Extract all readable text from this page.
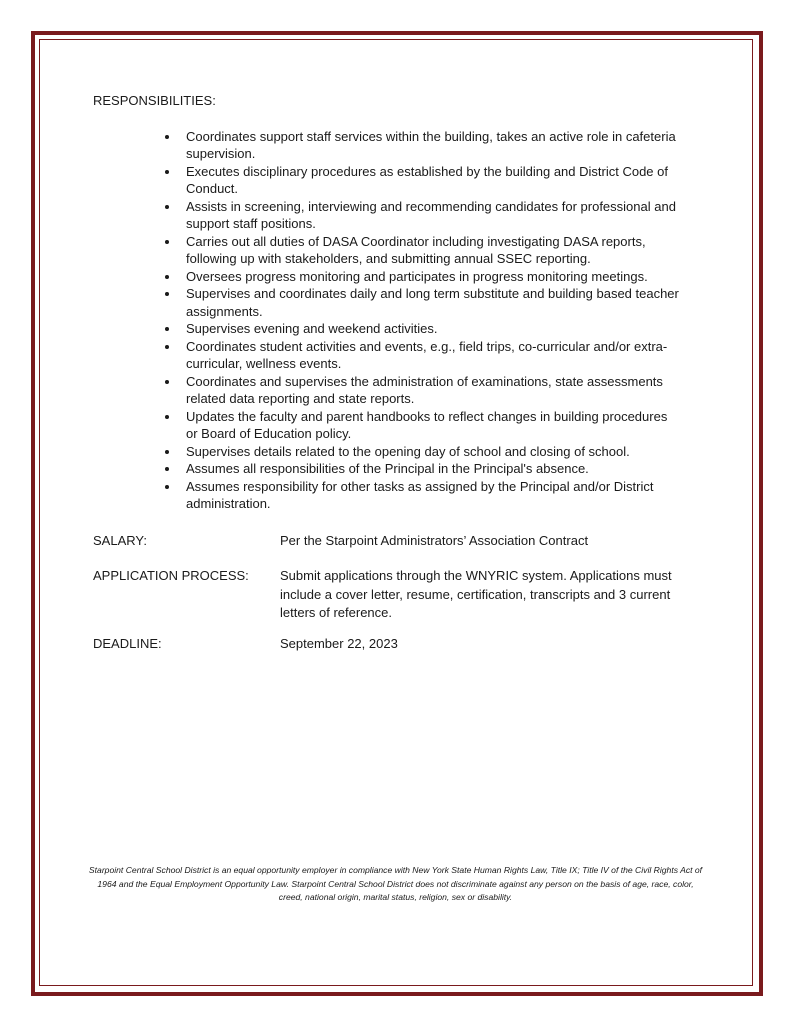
RESPONSIBILITIES:
Coordinates support staff services within the building, takes an active role in cafeteria supervision.
Executes disciplinary procedures as established by the building and District Code of Conduct.
Assists in screening, interviewing and recommending candidates for professional and support staff positions.
Carries out all duties of DASA Coordinator including investigating DASA reports, following up with stakeholders, and submitting annual SSEC reporting.
Oversees progress monitoring and participates in progress monitoring meetings.
Supervises and coordinates daily and long term substitute and building based teacher assignments.
Supervises evening and weekend activities.
Coordinates student activities and events, e.g., field trips, co-curricular and/or extra-curricular, wellness events.
Coordinates and supervises the administration of examinations, state assessments related data reporting and state reports.
Updates the faculty and parent handbooks to reflect changes in building procedures or Board of Education policy.
Supervises details related to the opening day of school and closing of school.
Assumes all responsibilities of the Principal in the Principal's absence.
Assumes responsibility for other tasks as assigned by the Principal and/or District administration.
SALARY:	Per the Starpoint Administrators’ Association Contract
APPLICATION PROCESS:	Submit applications through the WNYRIC system. Applications must include a cover letter, resume, certification, transcripts and 3 current letters of reference.
DEADLINE:	September 22, 2023
Starpoint Central School District is an equal opportunity employer in compliance with New York State Human Rights Law, Title IX; Title IV of the Civil Rights Act of 1964 and the Equal Employment Opportunity Law. Starpoint Central School District does not discriminate against any person on the basis of age, race, color, creed, national origin, marital status, religion, sex or disability.
